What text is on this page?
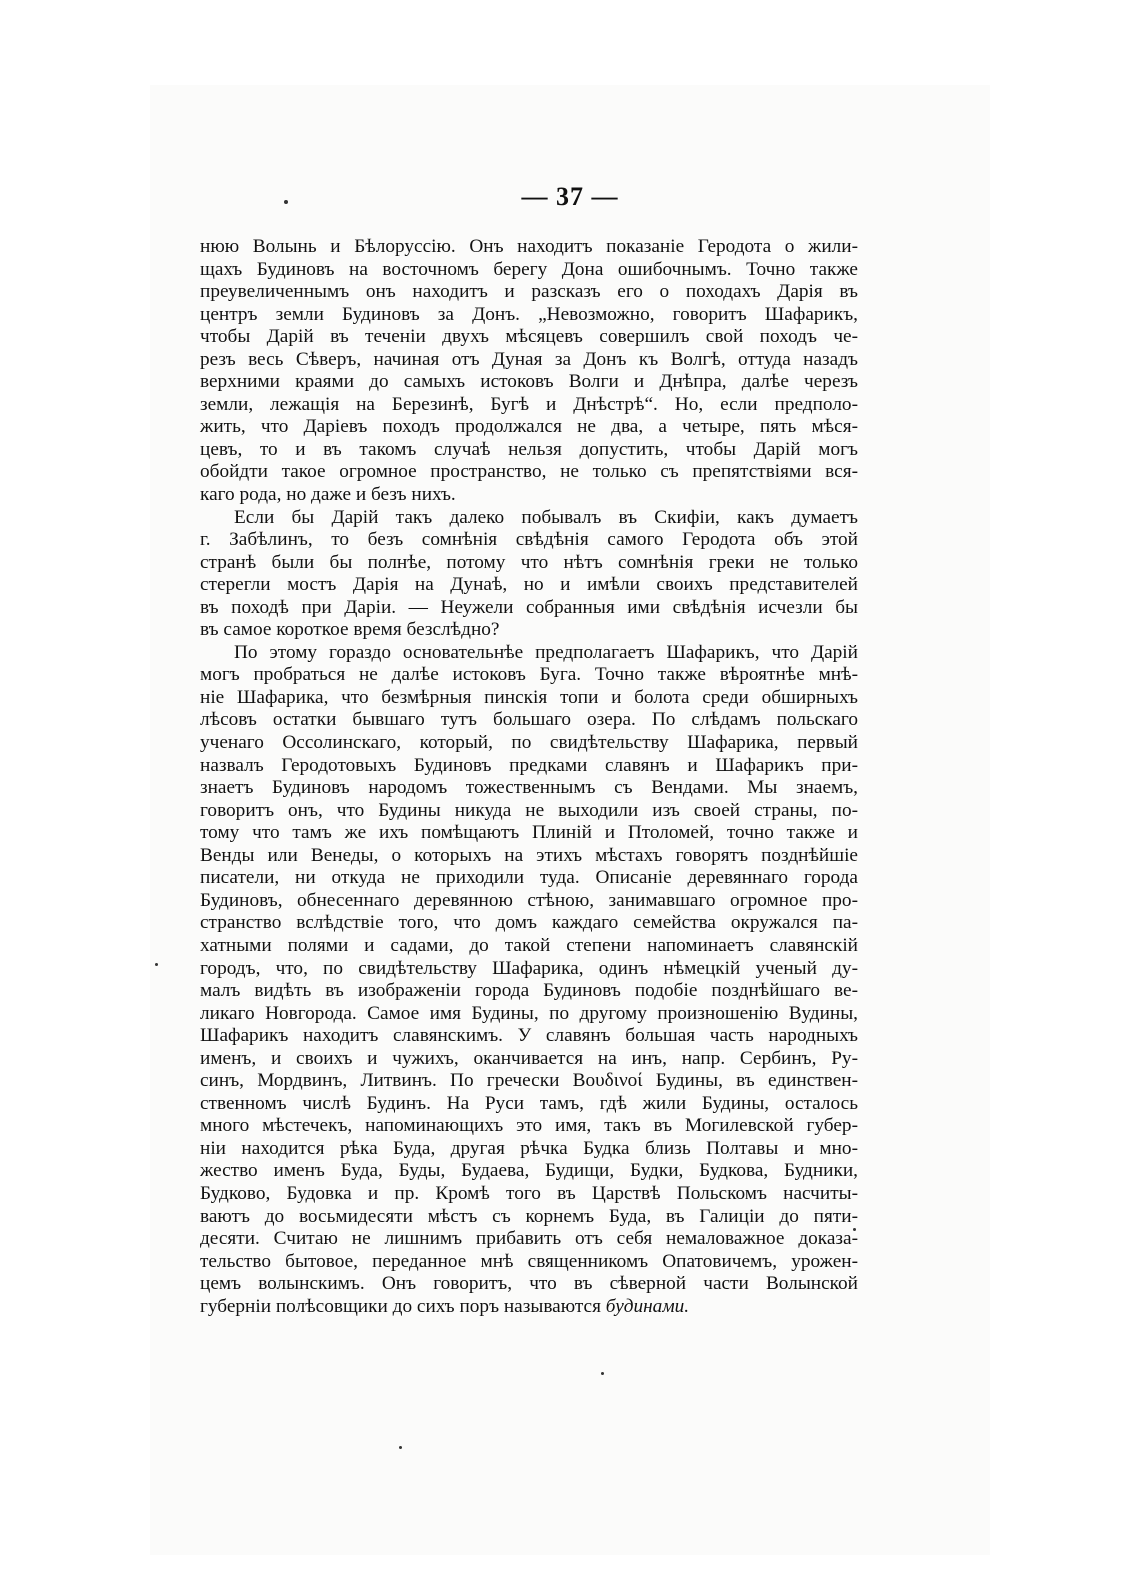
— 37 —

нюю Волынь и Бѣлоруссію. Онъ находитъ показаніе Геродота о жили-
щахъ Будиновъ на восточномъ берегу Дона ошибочнымъ. Точно также
преувеличеннымъ онъ находитъ и разсказъ его о походахъ Дарія въ
центръ земли Будиновъ за Донъ. „Невозможно, говоритъ Шафарикъ,
чтобы Дарій въ теченіи двухъ мѣсяцевъ совершилъ свой походъ че-
резъ весь Сѣверъ, начиная отъ Дуная за Донъ къ Волгѣ, оттуда назадъ
верхними краями до самыхъ истоковъ Волги и Днѣпра, далѣе черезъ
земли, лежащія на Березинѣ, Бугѣ и Днѣстрѣ“. Но, если предполо-
жить, что Даріевъ походъ продолжался не два, а четыре, пять мѣся-
цевъ, то и въ такомъ случаѣ нельзя допустить, чтобы Дарій могъ
обойдти такое огромное пространство, не только съ препятствіями вся-
каго рода, но даже и безъ нихъ.

Если бы Дарій такъ далеко побывалъ въ Скифіи, какъ думаетъ
г. Забѣлинъ, то безъ сомнѣнія свѣдѣнія самого Геродота объ этой
странѣ были бы полнѣе, потому что нѣтъ сомнѣнія греки не только
стерегли мостъ Дарія на Дунаѣ, но и имѣли своихъ представителей
въ походѣ при Даріи. — Неужели собранныя ими свѣдѣнія исчезли бы
въ самое короткое время безслѣдно?

По этому гораздо основательнѣе предполагаетъ Шафарикъ, что Дарій
могъ пробраться не далѣе истоковъ Буга. Точно также вѣроятнѣе мнѣ-
ніе Шафарика, что безмѣрныя пинскія топи и болота среди обширныхъ
лѣсовъ остатки бывшаго тутъ большаго озера. По слѣдамъ польскаго
ученаго Оссолинскаго, который, по свидѣтельству Шафарика, первый
назвалъ Геродотовыхъ Будиновъ предками славянъ и Шафарикъ при-
знаетъ Будиновъ народомъ тожественнымъ съ Вендами. Мы знаемъ,
говоритъ онъ, что Будины никуда не выходили изъ своей страны, по-
тому что тамъ же ихъ помѣщаютъ Плиній и Птоломей, точно также и
Венды или Венеды, о которыхъ на этихъ мѣстахъ говорятъ позднѣйшіе
писатели, ни откуда не приходили туда. Описаніе деревяннаго города
Будиновъ, обнесеннаго деревянною стѣною, занимавшаго огромное про-
странство вслѣдствіе того, что домъ каждаго семейства окружался па-
хатными полями и садами, до такой степени напоминаетъ славянскій
городъ, что, по свидѣтельству Шафарика, одинъ нѣмецкій ученый ду-
малъ видѣть въ изображеніи города Будиновъ подобіе позднѣйшаго ве-
ликаго Новгорода. Самое имя Будины, по другому произношенію Вудины,
Шафарикъ находитъ славянскимъ. У славянъ большая часть народныхъ
именъ, и своихъ и чужихъ, оканчивается на инъ, напр. Сербинъ, Ру-
синъ, Мордвинъ, Литвинъ. По гречески Βουδινοί Будины, въ единствен-
ственномъ числѣ Будинъ. На Руси тамъ, гдѣ жили Будины, осталось
много мѣстечекъ, напоминающихъ это имя, такъ въ Могилевской губер-
ніи находится рѣка Буда, другая рѣчка Будка близь Полтавы и мно-
жество именъ Буда, Буды, Будаева, Будищи, Будки, Будкова, Будники,
Будково, Будовка и пр. Кромѣ того въ Царствѣ Польскомъ насчиты-
ваютъ до восьмидесяти мѣстъ съ корнемъ Буда, въ Галиціи до пяти-
десяти. Считаю не лишнимъ прибавить отъ себя немаловажное доказа-
тельство бытовое, переданное мнѣ священникомъ Опатовичемъ, урожен-
цемъ волынскимъ. Онъ говоритъ, что въ сѣверной части Волынской
губерніи полѣсовщики до сихъ поръ называются будинами.
